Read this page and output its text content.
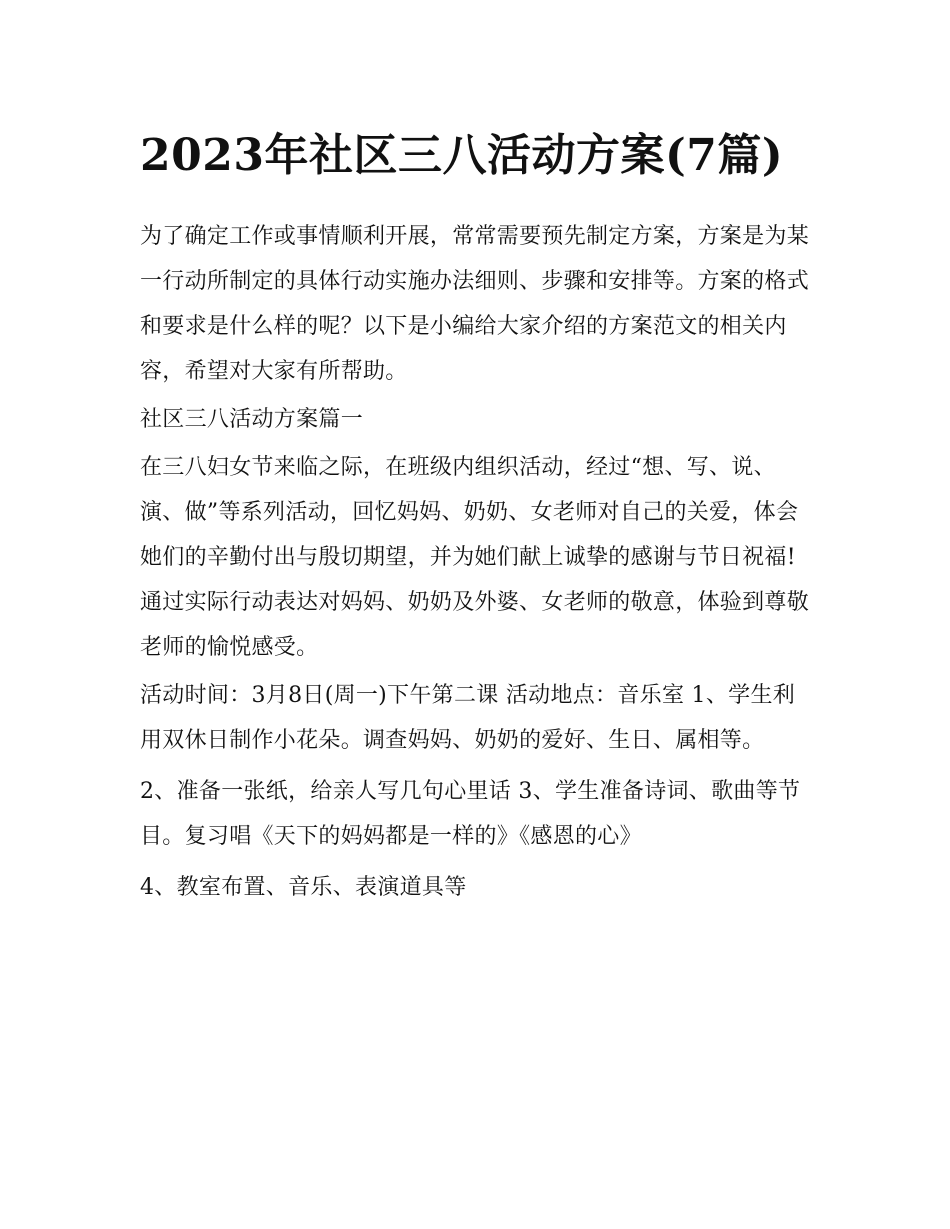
2023年社区三八活动方案(7篇)

为了确定工作或事情顺利开展，常常需要预先制定方案，方案是为某一行动所制定的具体行动实施办法细则、步骤和安排等。方案的格式和要求是什么样的呢？以下是小编给大家介绍的方案范文的相关内容，希望对大家有所帮助。

社区三八活动方案篇一

在三八妇女节来临之际，在班级内组织活动，经过“想、写、说、演、做”等系列活动，回忆妈妈、奶奶、女老师对自己的关爱，体会她们的辛勤付出与殷切期望，并为她们献上诚挚的感谢与节日祝福!通过实际行动表达对妈妈、奶奶及外婆、女老师的敬意，体验到尊敬老师的愉悦感受。

活动时间：3月8日(周一)下午第二课 活动地点：音乐室 1、学生利用双休日制作小花朵。调查妈妈、奶奶的爱好、生日、属相等。

2、准备一张纸，给亲人写几句心里话 3、学生准备诗词、歌曲等节目。复习唱《天下的妈妈都是一样的》《感恩的心》

4、教室布置、音乐、表演道具等
